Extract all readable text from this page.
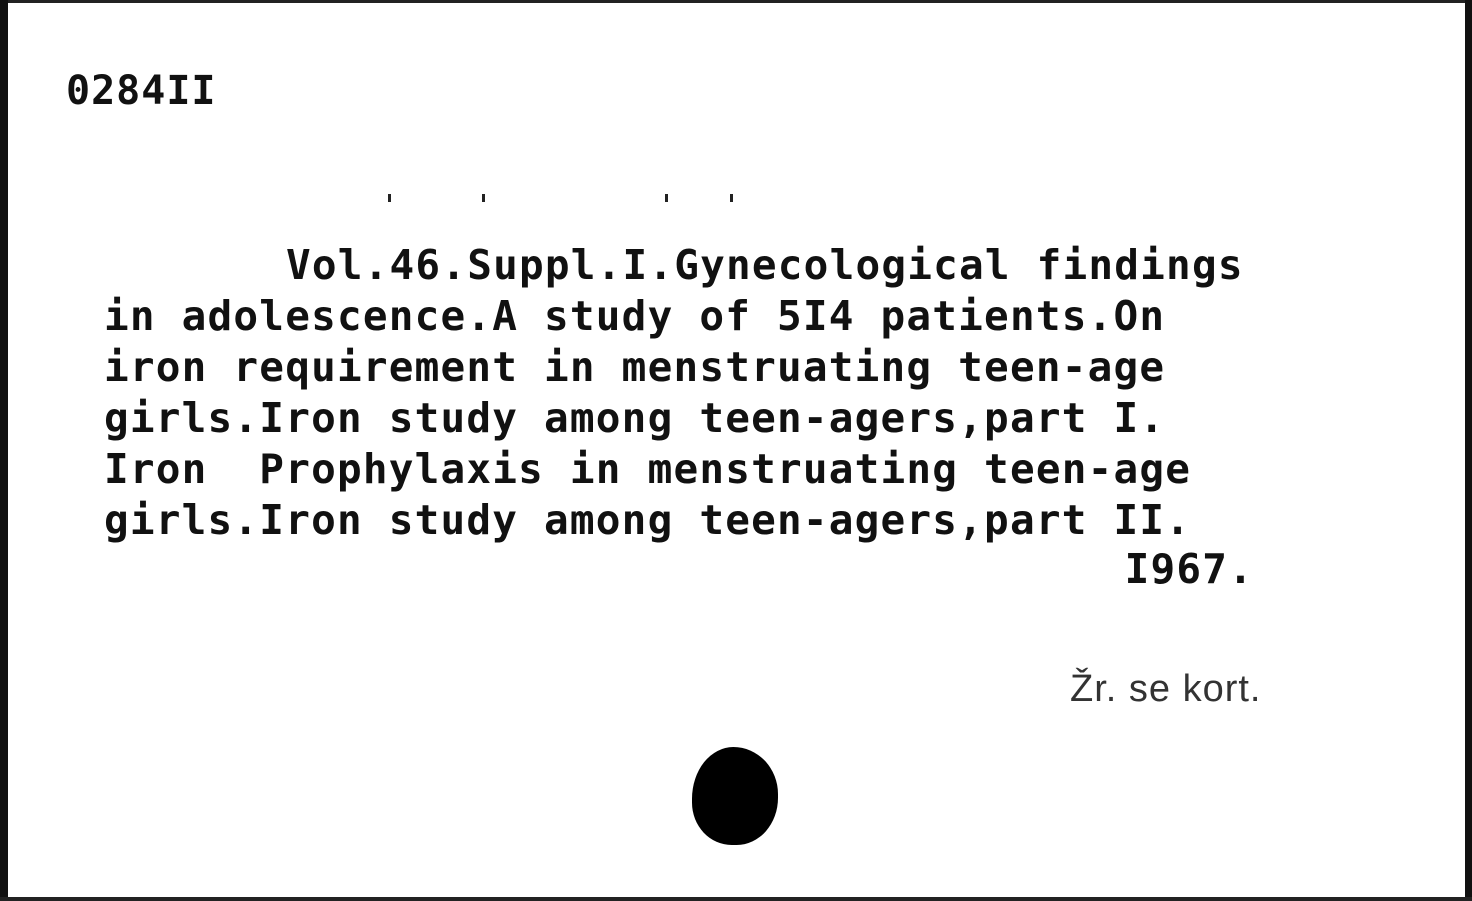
0284II
Vol.46.Suppl.I.Gynecological findings
in adolescence.A study of 5I4 patients.On
iron requirement in menstruating teen-age
girls.Iron study among teen-agers,part I.
Iron  Prophylaxis in menstruating teen-age
girls.Iron study among teen-agers,part II.
I967.
Žr. se kort.
